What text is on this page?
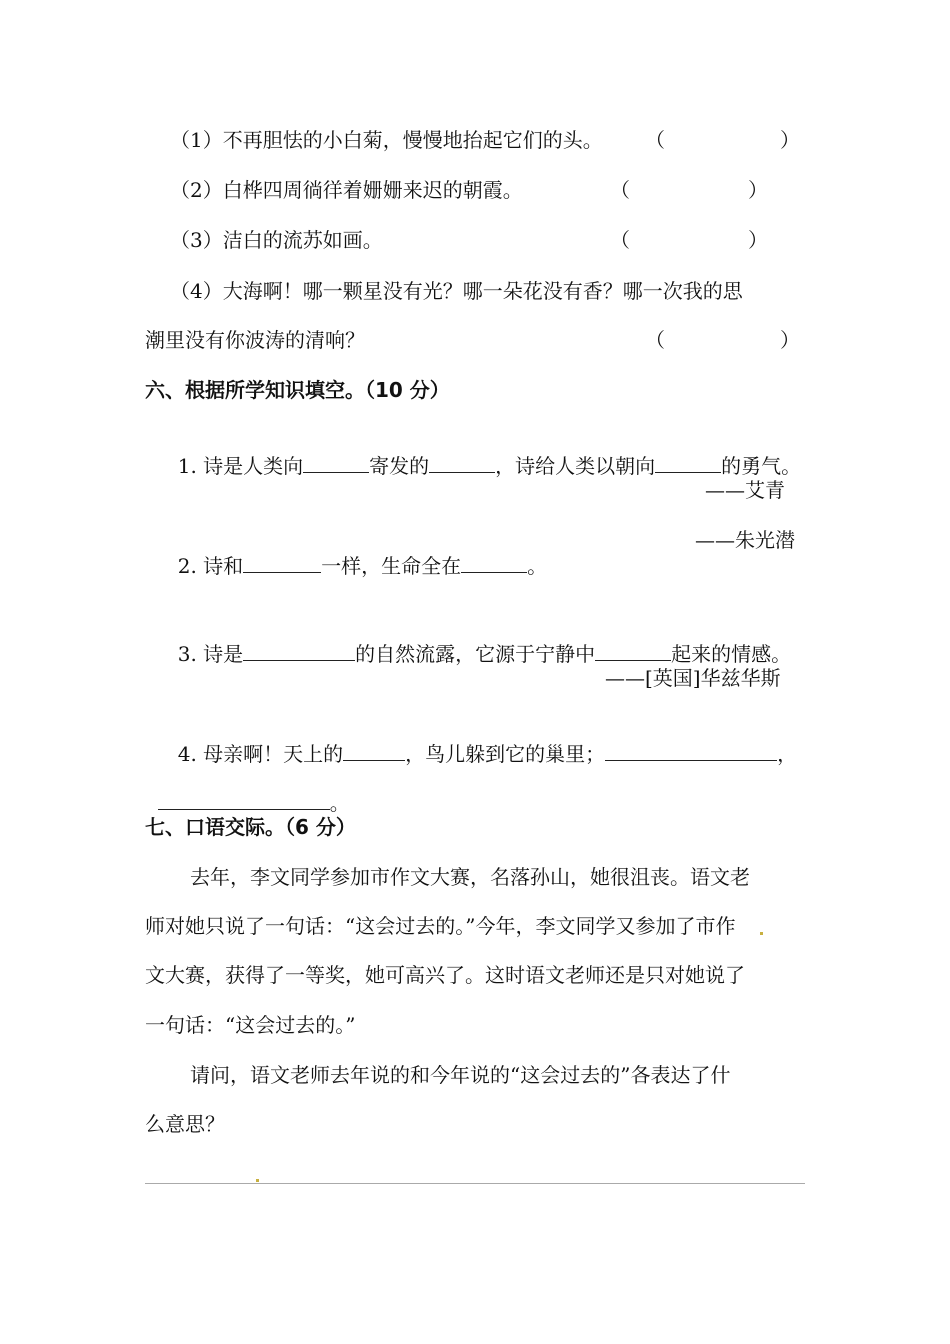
（1）不再胆怯的小白菊，慢慢地抬起它们的头。 （	）
（2）白桦四周徜徉着姗姗来迟的朝霞。	（	）
（3）洁白的流苏如画。	（	）
（4）大海啊！哪一颗星没有光？哪一朵花没有香？哪一次我的思
潮里没有你波涛的清响？	（	）
六、根据所学知识填空。（10 分）

1. 诗是人类向	寄发的	，诗给人类以朝向	的勇气。

——艾青

2. 诗和	一样，生命全在	。

——朱光潜

3. 诗是	的自然流露，它源于宁静中	起来的情感。

——[英国]华兹华斯

4. 母亲啊！天上的	，鸟儿躲到它的巢里；	，

。

七、口语交际。（6 分）
去年，李文同学参加市作文大赛，名落孙山，她很沮丧。语文老
师对她只说了一句话：“这会过去的。”今年，李文同学又参加了市作
文大赛，获得了一等奖，她可高兴了。这时语文老师还是只对她说了
一句话：“这会过去的。”
请问，语文老师去年说的和今年说的“这会过去的”各表达了什
么意思？
